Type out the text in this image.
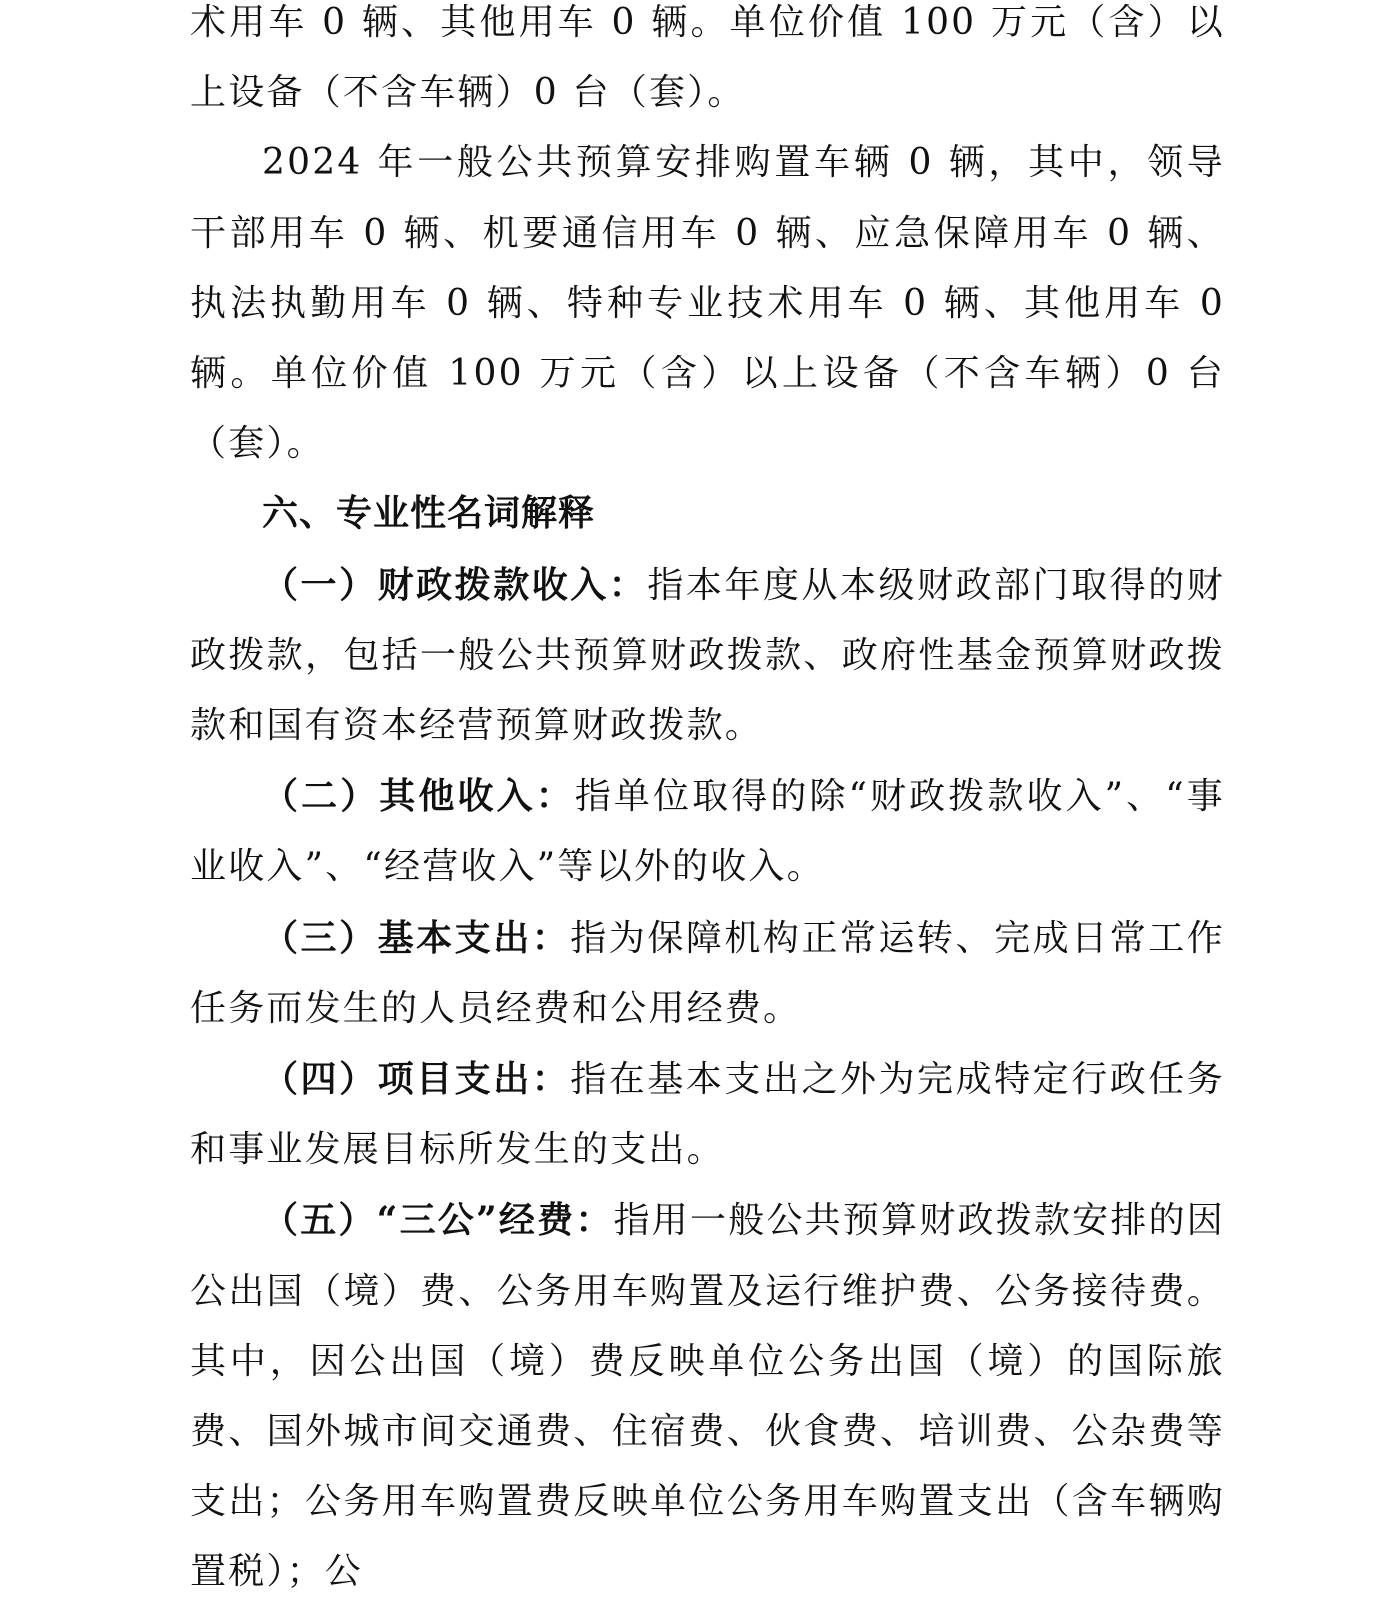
术用车 0 辆、其他用车 0 辆。单位价值 100 万元（含）以上设备（不含车辆）0 台（套）。

2024 年一般公共预算安排购置车辆 0 辆，其中，领导干部用车 0 辆、机要通信用车 0 辆、应急保障用车 0 辆、执法执勤用车 0 辆、特种专业技术用车 0 辆、其他用车 0 辆。单位价值 100 万元（含）以上设备（不含车辆）0 台（套）。

六、专业性名词解释

（一）财政拨款收入：指本年度从本级财政部门取得的财政拨款，包括一般公共预算财政拨款、政府性基金预算财政拨款和国有资本经营预算财政拨款。

（二）其他收入：指单位取得的除“财政拨款收入”、“事业收入”、“经营收入”等以外的收入。

（三）基本支出：指为保障机构正常运转、完成日常工作任务而发生的人员经费和公用经费。

（四）项目支出：指在基本支出之外为完成特定行政任务和事业发展目标所发生的支出。

（五）“三公”经费：指用一般公共预算财政拨款安排的因公出国（境）费、公务用车购置及运行维护费、公务接待费。其中，因公出国（境）费反映单位公务出国（境）的国际旅费、国外城市间交通费、住宿费、伙食费、培训费、公杂费等支出；公务用车购置费反映单位公务用车购置支出（含车辆购置税）；公
